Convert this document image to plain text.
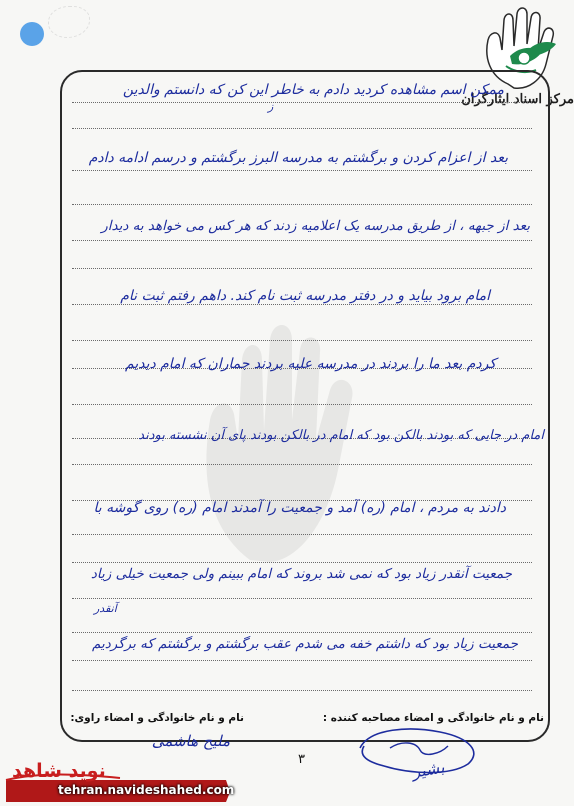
مرکز اسناد ایثارگران
ممکن اسم مشاهده کردید دادم به خاطر این کن که دانستم والدین
ز
بعد از اعزام کردن و برگشتم به مدرسه البرز برگشتم و درسم ادامه دادم
بعد از جبهه ، از طریق مدرسه یک اعلامیه زدند که هر کس می خواهد به دیدار
امام برود بیاید و در دفتر مدرسه ثبت نام کند. داهم رفتم ثبت نام
کردم بعد ما را بردند در مدرسه علیه بردند جماران که امام دیدیم
امام در جایی که بودند بالکن بود که امام در بالکن بودند پای آن نشسته بودند
دادند به مردم ، امام (ره) آمد و جمعیت را آمدند امام (ره) روی گوشه با
جمعیت آنقدر زیاد بود که نمی شد بروند که امام ببینم ولی جمعیت خیلی زیاد
آنقدر
جمعیت زیاد بود که داشتم خفه می شدم عقب برگشتم و برگشتم که برگردیم
نام و نام خانوادگی و امضاء راوی:	نام و نام خانوادگی و امضاء مصاحبه کننده :
ملیح هاشمی
بشیر
۳
نوید شاهد
tehran.navideshahed.com
